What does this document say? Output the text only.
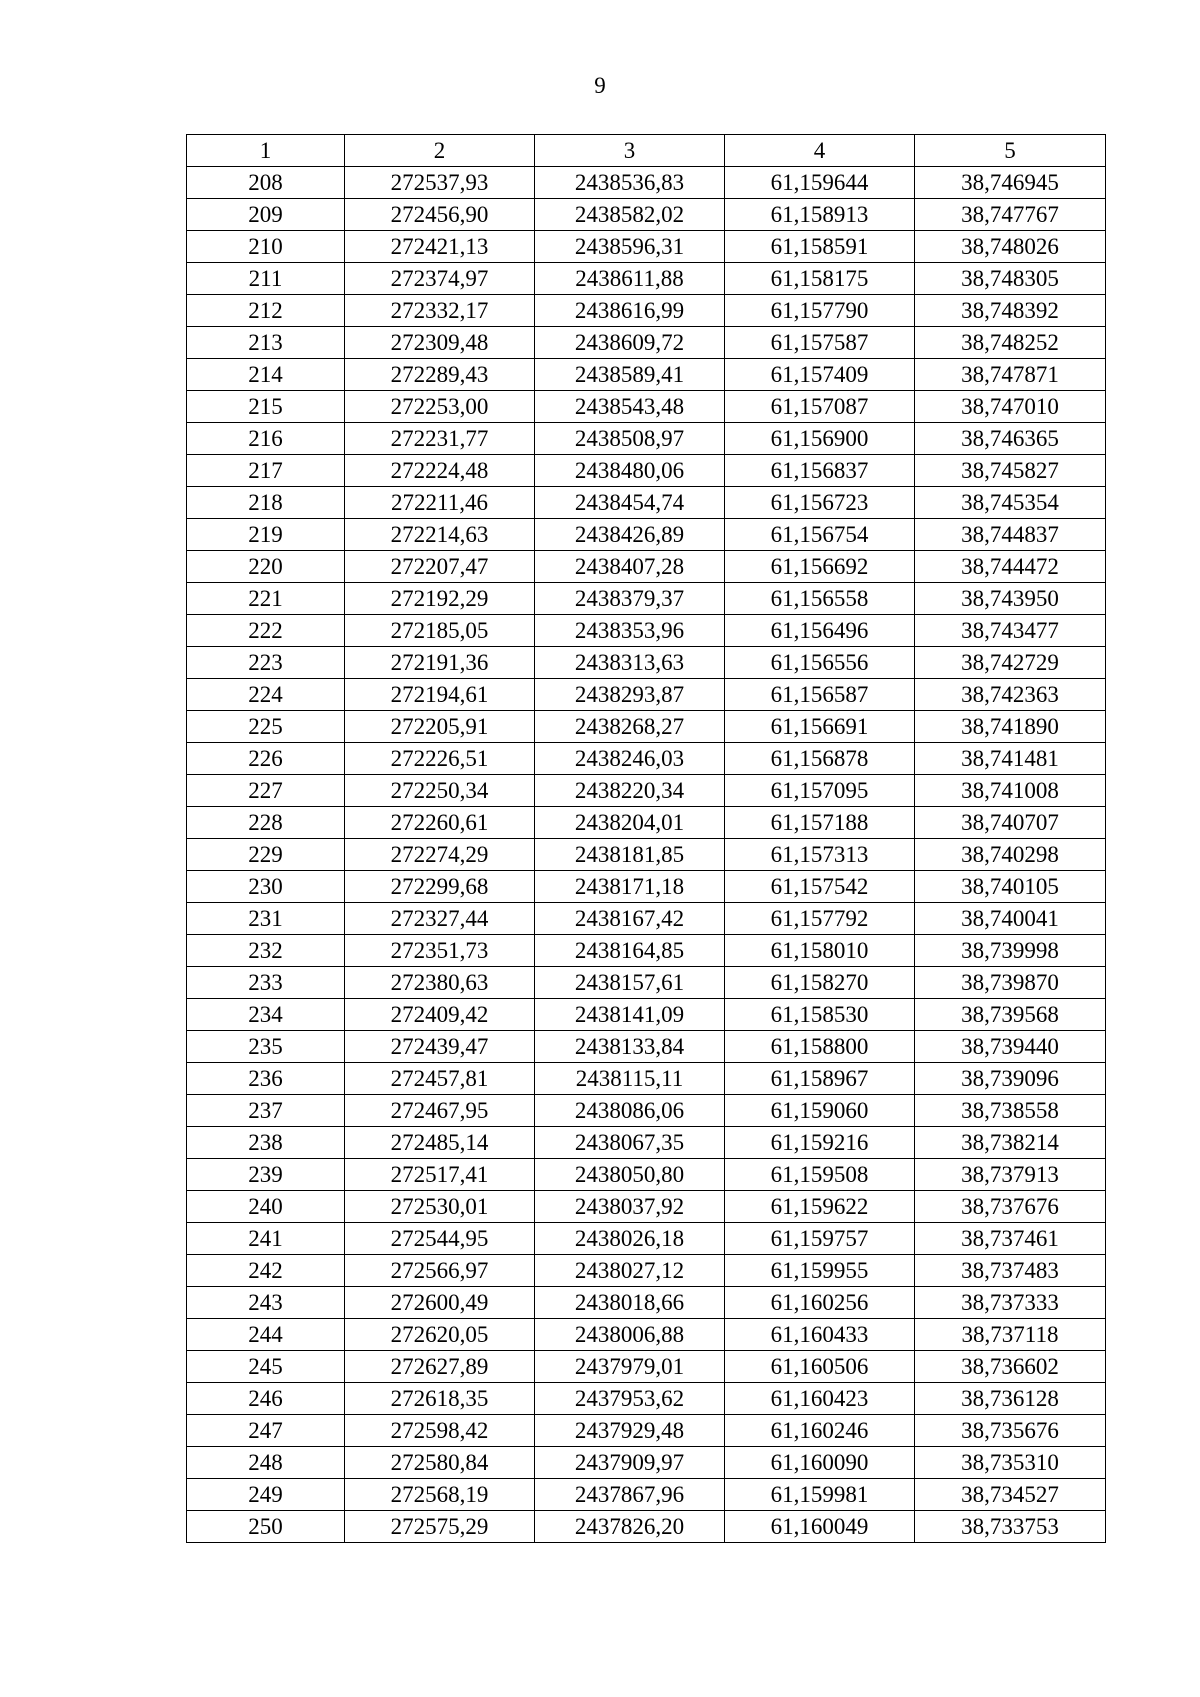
9
1	2	3	4	5
208	272537,93	2438536,83	61,159644	38,746945
209	272456,90	2438582,02	61,158913	38,747767
210	272421,13	2438596,31	61,158591	38,748026
211	272374,97	2438611,88	61,158175	38,748305
212	272332,17	2438616,99	61,157790	38,748392
213	272309,48	2438609,72	61,157587	38,748252
214	272289,43	2438589,41	61,157409	38,747871
215	272253,00	2438543,48	61,157087	38,747010
216	272231,77	2438508,97	61,156900	38,746365
217	272224,48	2438480,06	61,156837	38,745827
218	272211,46	2438454,74	61,156723	38,745354
219	272214,63	2438426,89	61,156754	38,744837
220	272207,47	2438407,28	61,156692	38,744472
221	272192,29	2438379,37	61,156558	38,743950
222	272185,05	2438353,96	61,156496	38,743477
223	272191,36	2438313,63	61,156556	38,742729
224	272194,61	2438293,87	61,156587	38,742363
225	272205,91	2438268,27	61,156691	38,741890
226	272226,51	2438246,03	61,156878	38,741481
227	272250,34	2438220,34	61,157095	38,741008
228	272260,61	2438204,01	61,157188	38,740707
229	272274,29	2438181,85	61,157313	38,740298
230	272299,68	2438171,18	61,157542	38,740105
231	272327,44	2438167,42	61,157792	38,740041
232	272351,73	2438164,85	61,158010	38,739998
233	272380,63	2438157,61	61,158270	38,739870
234	272409,42	2438141,09	61,158530	38,739568
235	272439,47	2438133,84	61,158800	38,739440
236	272457,81	2438115,11	61,158967	38,739096
237	272467,95	2438086,06	61,159060	38,738558
238	272485,14	2438067,35	61,159216	38,738214
239	272517,41	2438050,80	61,159508	38,737913
240	272530,01	2438037,92	61,159622	38,737676
241	272544,95	2438026,18	61,159757	38,737461
242	272566,97	2438027,12	61,159955	38,737483
243	272600,49	2438018,66	61,160256	38,737333
244	272620,05	2438006,88	61,160433	38,737118
245	272627,89	2437979,01	61,160506	38,736602
246	272618,35	2437953,62	61,160423	38,736128
247	272598,42	2437929,48	61,160246	38,735676
248	272580,84	2437909,97	61,160090	38,735310
249	272568,19	2437867,96	61,159981	38,734527
250	272575,29	2437826,20	61,160049	38,733753
